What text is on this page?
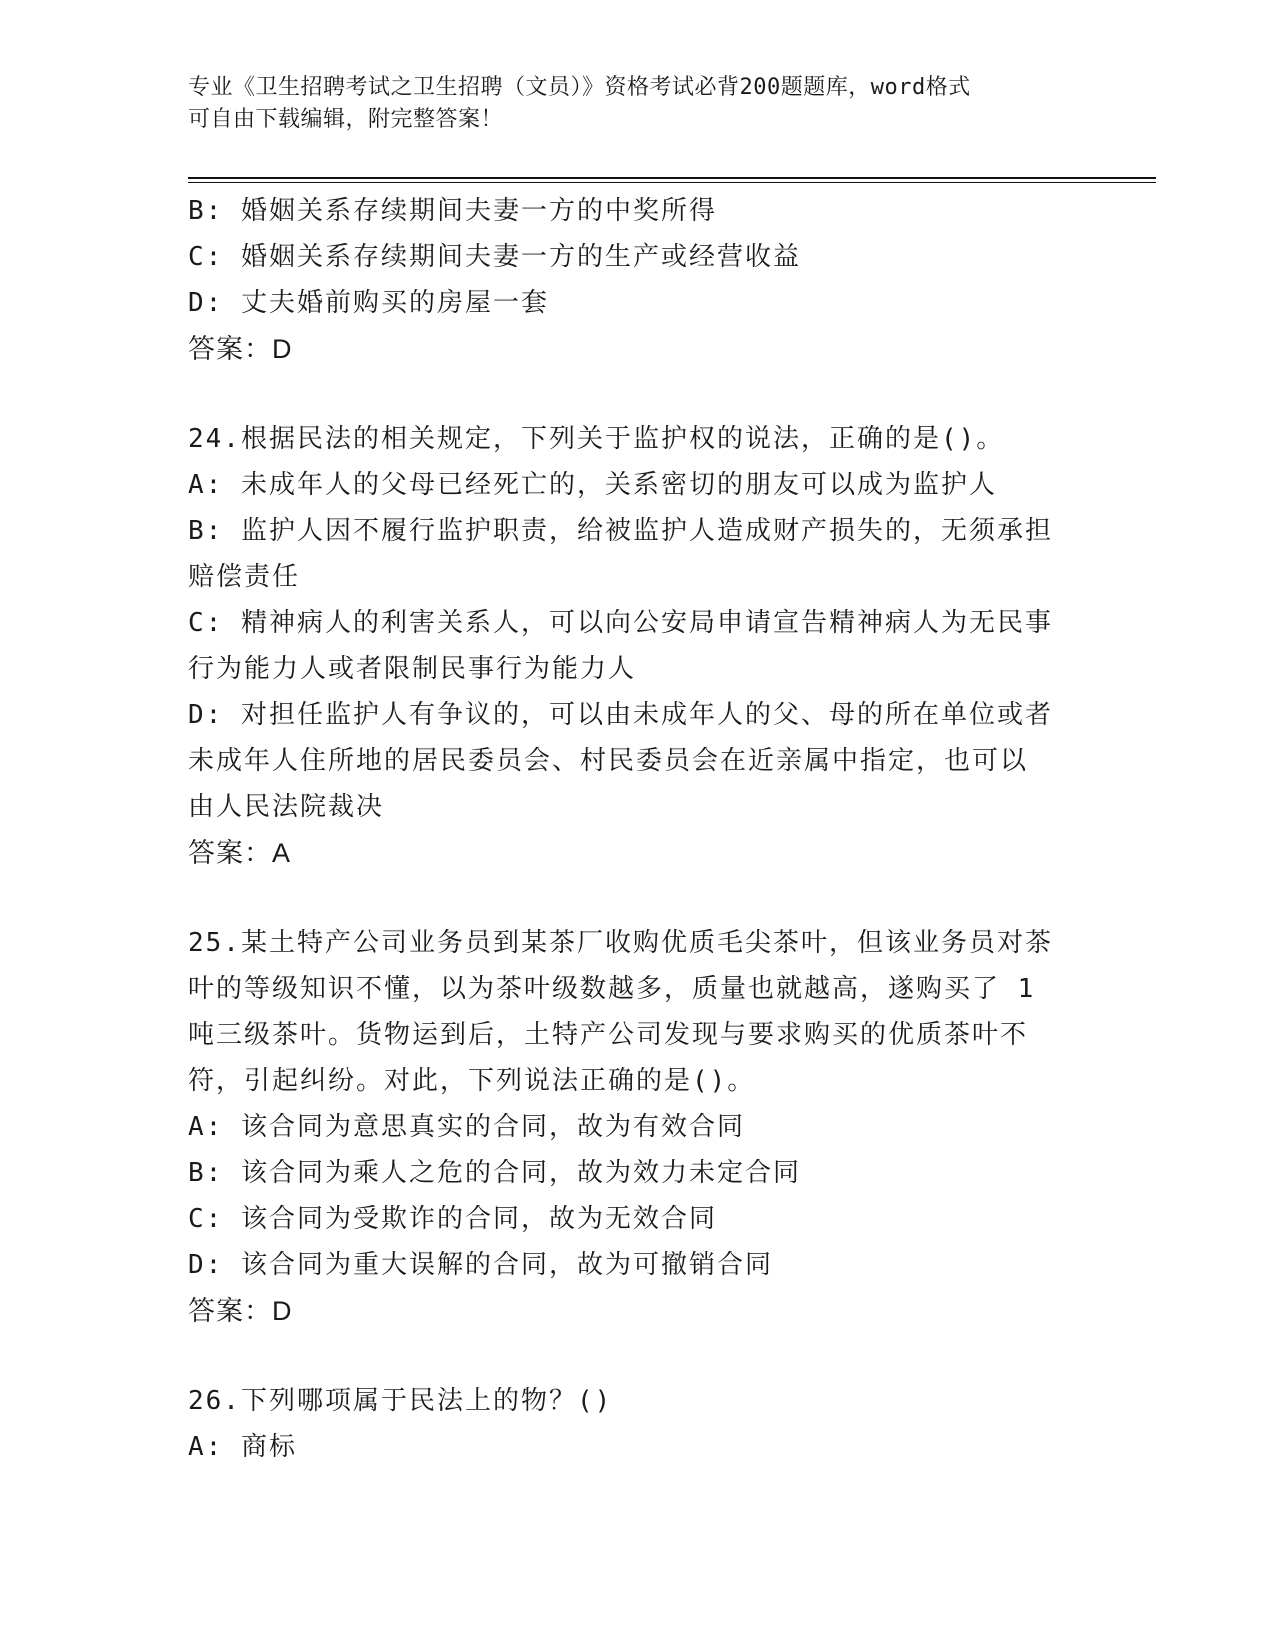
专业《卫生招聘考试之卫生招聘（文员）》资格考试必背200题题库，word格式
可自由下载编辑，附完整答案！
B: 婚姻关系存续期间夫妻一方的中奖所得
C: 婚姻关系存续期间夫妻一方的生产或经营收益
D: 丈夫婚前购买的房屋一套
答案：D
24.根据民法的相关规定，下列关于监护权的说法，正确的是()。
A: 未成年人的父母已经死亡的，关系密切的朋友可以成为监护人
B: 监护人因不履行监护职责，给被监护人造成财产损失的，无须承担
赔偿责任
C: 精神病人的利害关系人，可以向公安局申请宣告精神病人为无民事
行为能力人或者限制民事行为能力人
D: 对担任监护人有争议的，可以由未成年人的父、母的所在单位或者
未成年人住所地的居民委员会、村民委员会在近亲属中指定，也可以
由人民法院裁决
答案：A
25.某土特产公司业务员到某茶厂收购优质毛尖茶叶，但该业务员对茶
叶的等级知识不懂，以为茶叶级数越多，质量也就越高，遂购买了 1
吨三级茶叶。货物运到后，土特产公司发现与要求购买的优质茶叶不
符，引起纠纷。对此，下列说法正确的是()。
A: 该合同为意思真实的合同，故为有效合同
B: 该合同为乘人之危的合同，故为效力未定合同
C: 该合同为受欺诈的合同，故为无效合同
D: 该合同为重大误解的合同，故为可撤销合同
答案：D
26.下列哪项属于民法上的物？()
A: 商标
